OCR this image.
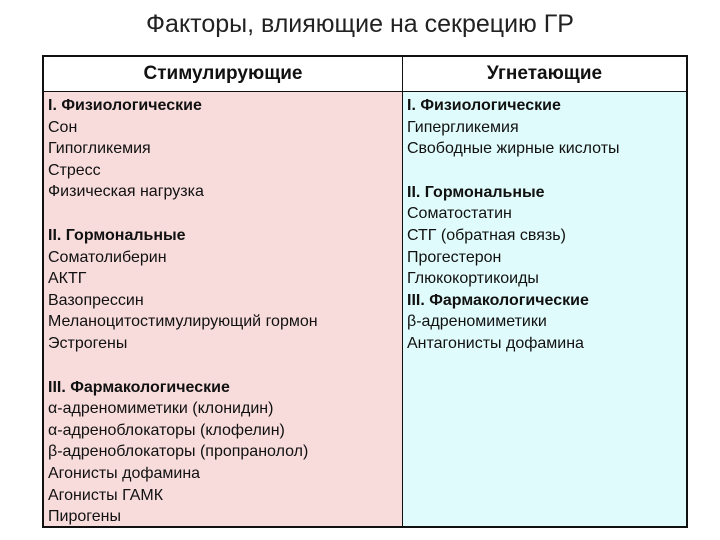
Факторы, влияющие на секрецию ГР
Стимулирующие	Угнетающие
I. Физиологические
Сон
Гипогликемия
Стресс
Физическая нагрузка
II. Гормональные
Соматолиберин
АКТГ
Вазопрессин
Меланоцитостимулирующий гормон
Эстрогены
III. Фармакологические
α-адреномиметики (клонидин)
α-адреноблокаторы (клофелин)
β-адреноблокаторы (пропранолол)
Агонисты дофамина
Агонисты ГАМК
Пирогены
I. Физиологические
Гипергликемия
Свободные жирные кислоты
II. Гормональные
Соматостатин
СТГ (обратная связь)
Прогестерон
Глюкокортикоиды
III. Фармакологические
β-адреномиметики
Антагонисты дофамина
